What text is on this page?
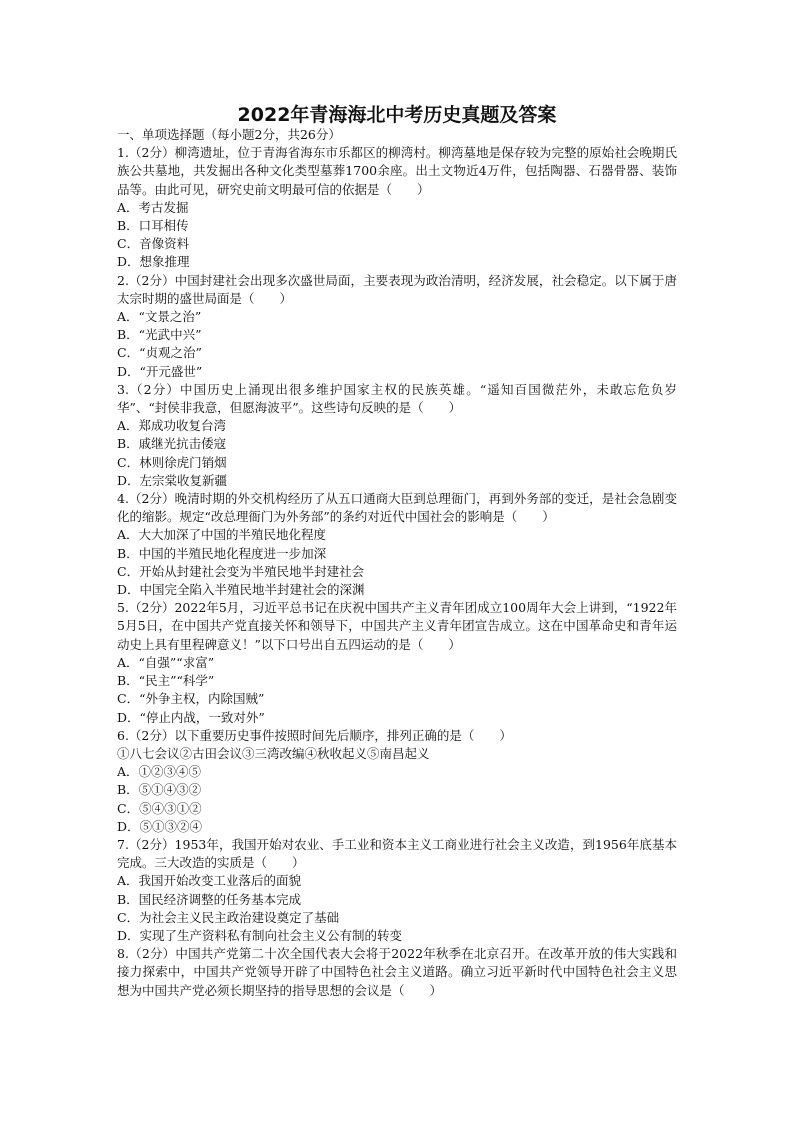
2022年青海海北中考历史真题及答案

一、单项选择题（每小题2分，共26分）

1.（2分）柳湾遗址，位于青海省海东市乐都区的柳湾村。柳湾墓地是保存较为完整的原始社会晚期氏族公共墓地，共发掘出各种文化类型墓葬1700余座。出土文物近4万件，包括陶器、石器骨器、装饰品等。由此可见，研究史前文明最可信的依据是（　　）

A．考古发掘

B．口耳相传

C．音像资料

D．想象推理

2.（2分）中国封建社会出现多次盛世局面，主要表现为政治清明，经济发展，社会稳定。以下属于唐太宗时期的盛世局面是（　　）

A．“文景之治”

B．“光武中兴”

C．“贞观之治”

D．“开元盛世”

3.（2分）中国历史上涌现出很多维护国家主权的民族英雄。“遥知百国微茫外，未敢忘危负岁华”、“封侯非我意，但愿海波平”。这些诗句反映的是（　　）

A．郑成功收复台湾

B．戚继光抗击倭寇

C．林则徐虎门销烟

D．左宗棠收复新疆

4.（2分）晚清时期的外交机构经历了从五口通商大臣到总理衙门，再到外务部的变迁，是社会急剧变化的缩影。规定“改总理衙门为外务部”的条约对近代中国社会的影响是（　　）

A．大大加深了中国的半殖民地化程度

B．中国的半殖民地化程度进一步加深

C．开始从封建社会变为半殖民地半封建社会

D．中国完全陷入半殖民地半封建社会的深渊

5.（2分）2022年5月，习近平总书记在庆祝中国共产主义青年团成立100周年大会上讲到，“1922年5月5日，在中国共产党直接关怀和领导下，中国共产主义青年团宣告成立。这在中国革命史和青年运动史上具有里程碑意义！”以下口号出自五四运动的是（　　）

A．“自强”“求富”

B．“民主”“科学”

C．“外争主权，内除国贼”

D．“停止内战，一致对外”

6.（2分）以下重要历史事件按照时间先后顺序，排列正确的是（　　）

①八七会议②古田会议③三湾改编④秋收起义⑤南昌起义

A．①②③④⑤

B．⑤①④③②

C．⑤④③①②

D．⑤①③②④

7.（2分）1953年，我国开始对农业、手工业和资本主义工商业进行社会主义改造，到1956年底基本完成。三大改造的实质是（　　）

A．我国开始改变工业落后的面貌

B．国民经济调整的任务基本完成

C．为社会主义民主政治建设奠定了基础

D．实现了生产资料私有制向社会主义公有制的转变

8.（2分）中国共产党第二十次全国代表大会将于2022年秋季在北京召开。在改革开放的伟大实践和接力探索中，中国共产党领导开辟了中国特色社会主义道路。确立习近平新时代中国特色社会主义思想为中国共产党必须长期坚持的指导思想的会议是（　　）
